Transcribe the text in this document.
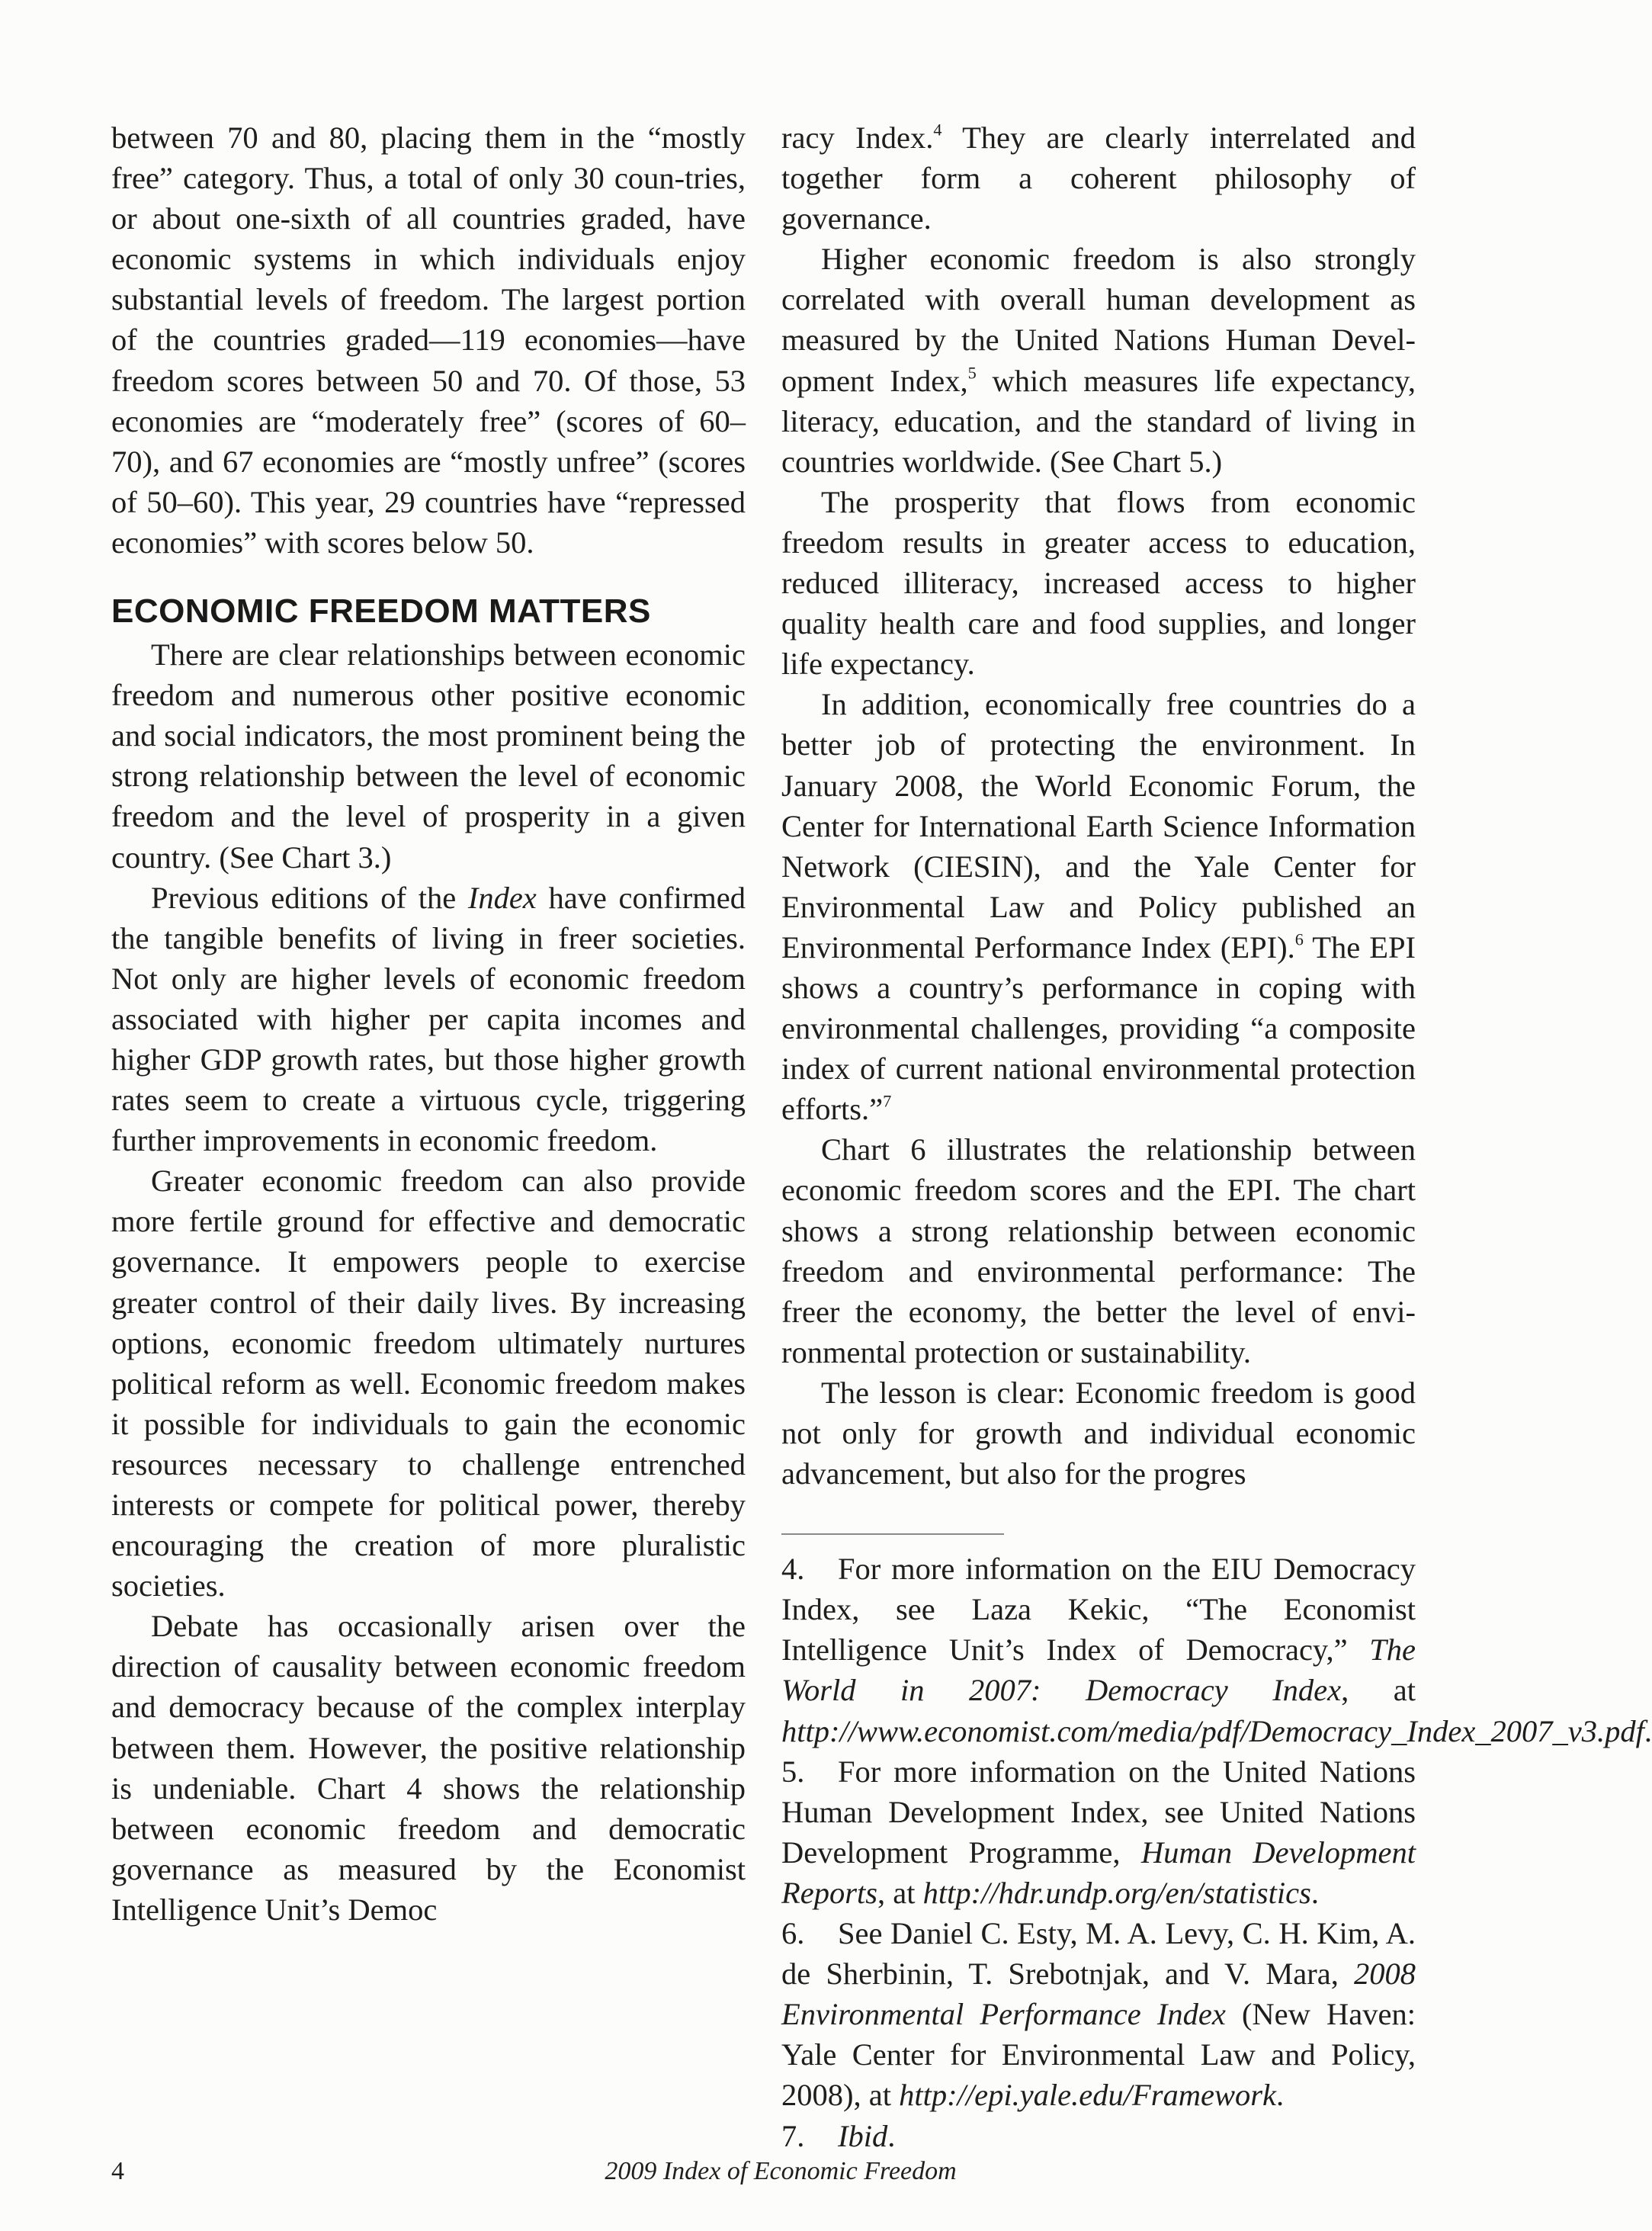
between 70 and 80, placing them in the “mostly free” category. Thus, a total of only 30 coun-tries, or about one-sixth of all countries graded, have economic systems in which individuals enjoy substantial levels of freedom. The largest portion of the countries graded—119 economies—have freedom scores between 50 and 70. Of those, 53 economies are “moderately free” (scores of 60–70), and 67 economies are “mostly unfree” (scores of 50–60). This year, 29 countries have “repressed economies” with scores below 50.

ECONOMIC FREEDOM MATTERS

There are clear relationships between economic freedom and numerous other positive economic and social indicators, the most prominent being the strong relationship between the level of economic freedom and the level of prosperity in a given country. (See Chart 3.)

Previous editions of the Index have confirmed the tangible benefits of living in freer societies. Not only are higher levels of economic freedom associated with higher per capita incomes and higher GDP growth rates, but those higher growth rates seem to create a virtuous cycle, triggering further improvements in economic freedom.

Greater economic freedom can also provide more fertile ground for effective and democratic governance. It empowers people to exercise greater control of their daily lives. By increasing options, economic freedom ultimately nurtures political reform as well. Economic freedom makes it possible for individuals to gain the economic resources necessary to challenge entrenched interests or compete for political power, thereby encouraging the creation of more pluralistic societies.

Debate has occasionally arisen over the direction of causality between economic freedom and democracy because of the complex interplay between them. However, the positive relationship is undeniable. Chart 4 shows the relationship between economic freedom and democratic governance as measured by the Economist Intelligence Unit’s Democ

racy Index.$^4$ They are clearly interrelated and together form a coherent philosophy of governance.

Higher economic freedom is also strongly correlated with overall human development as measured by the United Nations Human Development Index,$^5$ which measures life expectancy, literacy, education, and the standard of living in countries worldwide. (See Chart 5.)

The prosperity that flows from economic freedom results in greater access to education, reduced illiteracy, increased access to higher quality health care and food supplies, and longer life expectancy.

In addition, economically free countries do a better job of protecting the environment. In January 2008, the World Economic Forum, the Center for International Earth Science Information Network (CIESIN), and the Yale Center for Environmental Law and Policy published an Environmental Performance Index (EPI).$^6$ The EPI shows a country’s performance in coping with environmental challenges, providing “a composite index of current national environmental protection efforts.”$^7$

Chart 6 illustrates the relationship between economic freedom scores and the EPI. The chart shows a strong relationship between economic freedom and environmental performance: The freer the economy, the better the level of environmental protection or sustainability.

The lesson is clear: Economic freedom is good not only for growth and individual economic advancement, but also for the progres

4. For more information on the EIU Democracy Index, see Laza Kekic, “The Economist Intelligence Unit’s Index of Democracy,” The World in 2007: Democracy Index, at http://www.economist.com/media/pdf/Democracy_Index_2007_v3.pdf.

5. For more information on the United Nations Human Development Index, see United Nations Development Programme, Human Development Reports, at http://hdr.undp.org/en/statistics.

6. See Daniel C. Esty, M. A. Levy, C. H. Kim, A. de Sherbinin, T. Srebotnjak, and V. Mara, 2008 Environmental Performance Index (New Haven: Yale Center for Environmental Law and Policy, 2008), at http://epi.yale.edu/Framework.

7. Ibid.

4	2009 Index of Economic Freedom
